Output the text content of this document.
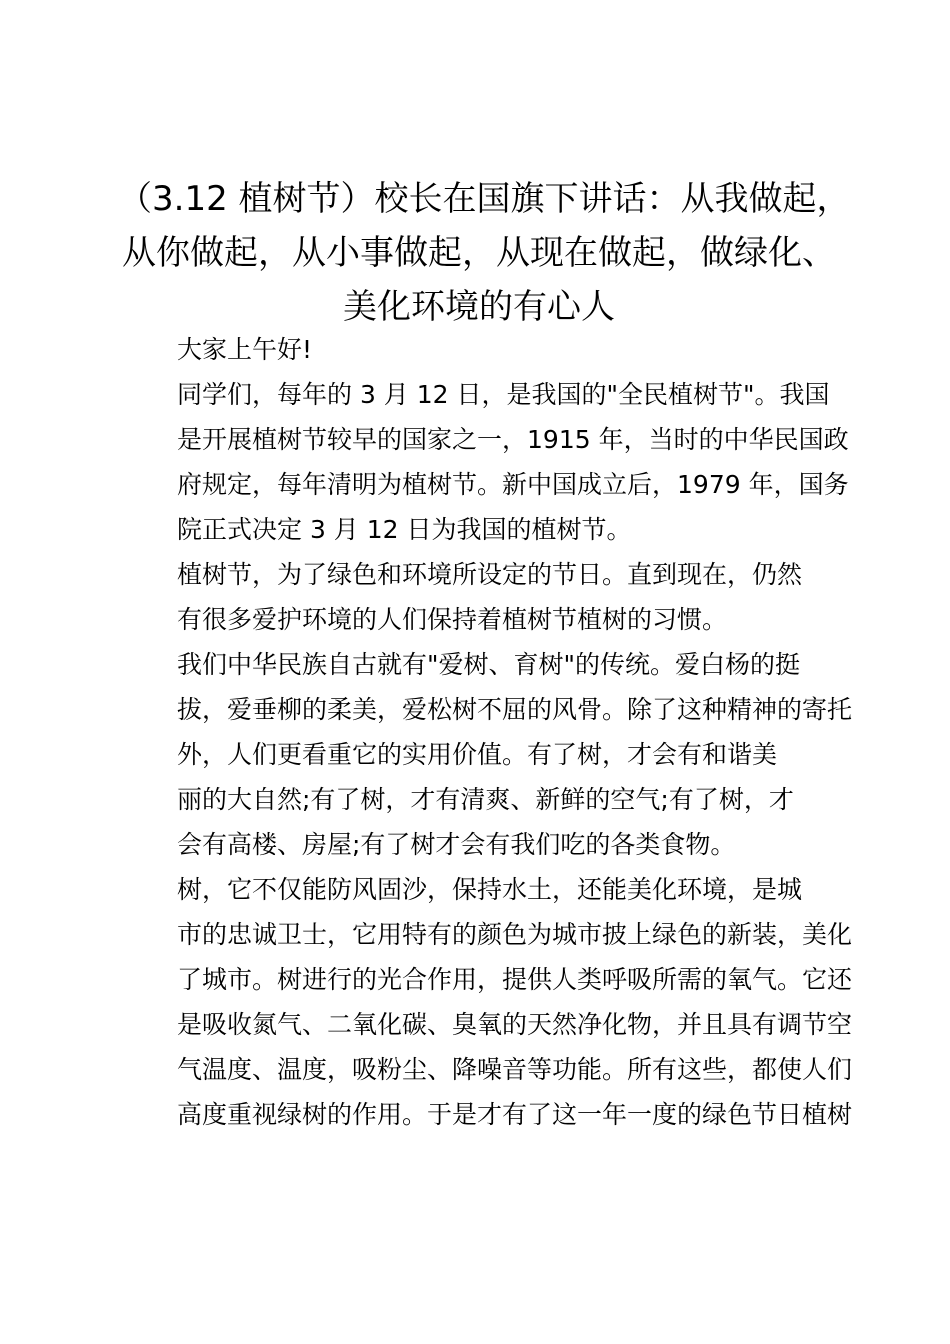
（3.12 植树节）校长在国旗下讲话：从我做起，
从你做起，从小事做起，从现在做起，做绿化、
美化环境的有心人

大家上午好!

同学们，每年的 3 月 12 日，是我国的"全民植树节"。我国
是开展植树节较早的国家之一，1915 年，当时的中华民国政
府规定，每年清明为植树节。新中国成立后，1979 年，国务
院正式决定 3 月 12 日为我国的植树节。

植树节，为了绿色和环境所设定的节日。直到现在，仍然
有很多爱护环境的人们保持着植树节植树的习惯。

我们中华民族自古就有"爱树、育树"的传统。爱白杨的挺
拔，爱垂柳的柔美，爱松树不屈的风骨。除了这种精神的寄托
外，人们更看重它的实用价值。有了树，才会有和谐美

丽的大自然;有了树，才有清爽、新鲜的空气;有了树，才
会有高楼、房屋;有了树才会有我们吃的各类食物。

树，它不仅能防风固沙，保持水土，还能美化环境，是城
市的忠诚卫士，它用特有的颜色为城市披上绿色的新装，美化
了城市。树进行的光合作用，提供人类呼吸所需的氧气。它还
是吸收氮气、二氧化碳、臭氧的天然净化物，并且具有调节空
气温度、温度，吸粉尘、降噪音等功能。所有这些，都使人们
高度重视绿树的作用。于是才有了这一年一度的绿色节日植树
